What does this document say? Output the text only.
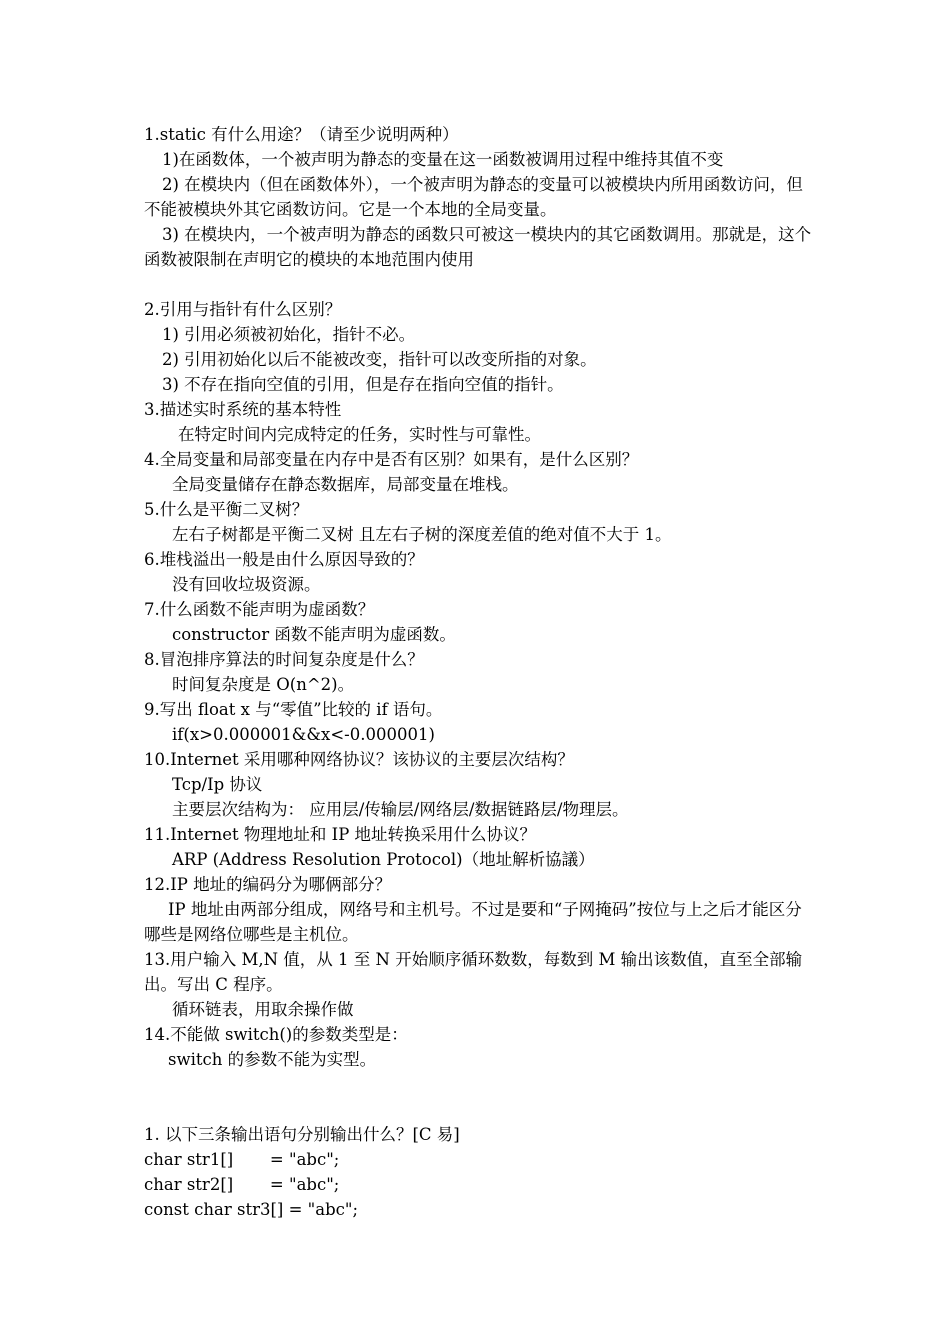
1.static 有什么用途？（请至少说明两种）

1)在函数体，一个被声明为静态的变量在这一函数被调用过程中维持其值不变

2) 在模块内（但在函数体外），一个被声明为静态的变量可以被模块内所用函数访问，但不能被模块外其它函数访问。它是一个本地的全局变量。

3) 在模块内，一个被声明为静态的函数只可被这一模块内的其它函数调用。那就是，这个函数被限制在声明它的模块的本地范围内使用

2.引用与指针有什么区别？

1) 引用必须被初始化，指针不必。

2) 引用初始化以后不能被改变，指针可以改变所指的对象。

3) 不存在指向空值的引用，但是存在指向空值的指针。

3.描述实时系统的基本特性

在特定时间内完成特定的任务，实时性与可靠性。

4.全局变量和局部变量在内存中是否有区别？如果有，是什么区别？

全局变量储存在静态数据库，局部变量在堆栈。

5.什么是平衡二叉树？

左右子树都是平衡二叉树 且左右子树的深度差值的绝对值不大于 1。

6.堆栈溢出一般是由什么原因导致的？

没有回收垃圾资源。

7.什么函数不能声明为虚函数？

constructor 函数不能声明为虚函数。

8.冒泡排序算法的时间复杂度是什么？

时间复杂度是 O(n^2)。

9.写出 float x 与“零值”比较的 if 语句。

if(x>0.000001&&x<-0.000001)

10.Internet 采用哪种网络协议？该协议的主要层次结构？

Tcp/Ip 协议

主要层次结构为： 应用层/传输层/网络层/数据链路层/物理层。

11.Internet 物理地址和 IP 地址转换采用什么协议？

ARP (Address Resolution Protocol)（地址解析協議）

12.IP 地址的编码分为哪俩部分？

IP 地址由两部分组成，网络号和主机号。不过是要和“子网掩码”按位与上之后才能区分哪些是网络位哪些是主机位。

13.用户输入 M,N 值，从 1 至 N 开始顺序循环数数，每数到 M 输出该数值，直至全部输出。写出 C 程序。

循环链表，用取余操作做

14.不能做 switch()的参数类型是：

switch 的参数不能为实型。

1. 以下三条输出语句分别输出什么？[C 易]

char str1[]       = "abc";

char str2[]       = "abc";

const char str3[] = "abc";
